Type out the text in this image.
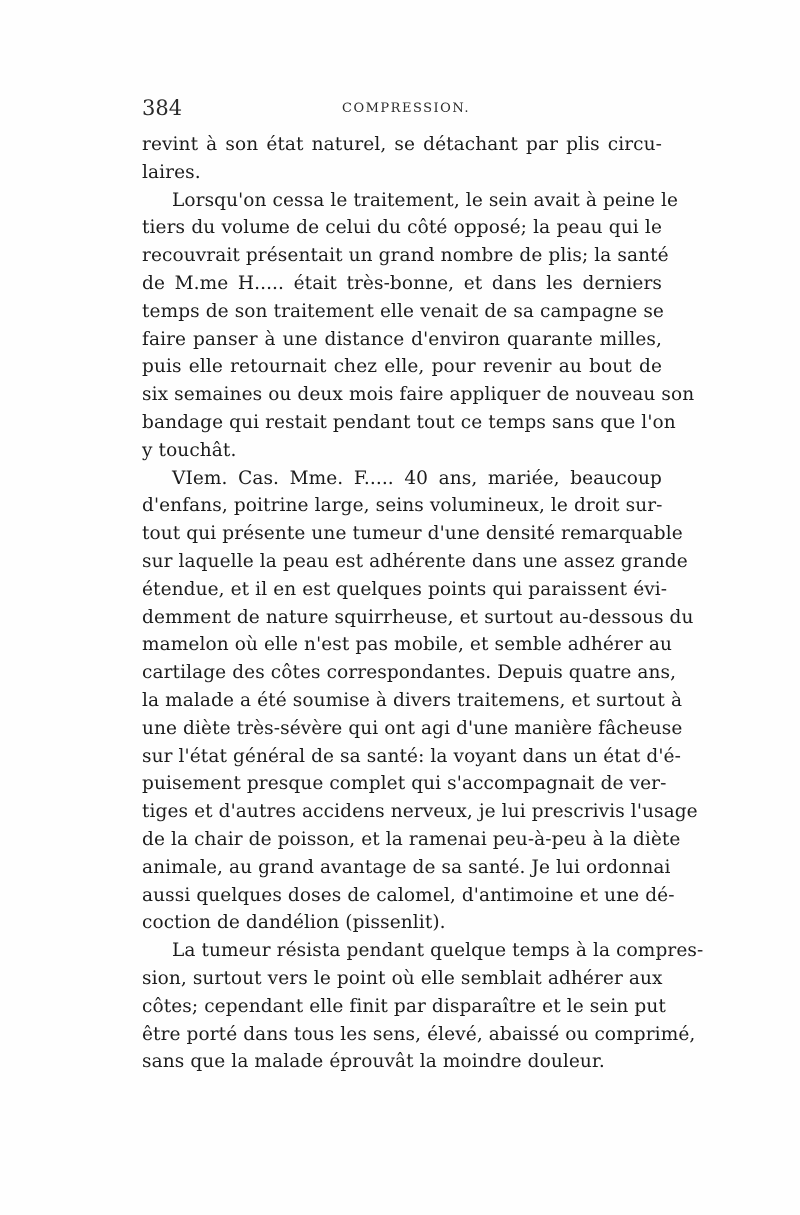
384	COMPRESSION.
revint à son état naturel, se détachant par plis circu-
laires.
Lorsqu'on cessa le traitement, le sein avait à peine le
tiers du volume de celui du côté opposé; la peau qui le
recouvrait présentait un grand nombre de plis; la santé
de M.me H..... était très-bonne, et dans les derniers
temps de son traitement elle venait de sa campagne se
faire panser à une distance d'environ quarante milles,
puis elle retournait chez elle, pour revenir au bout de
six semaines ou deux mois faire appliquer de nouveau son
bandage qui restait pendant tout ce temps sans que l'on
y touchât.
VIem. Cas. Mme. F..... 40 ans, mariée, beaucoup
d'enfans, poitrine large, seins volumineux, le droit sur-
tout qui présente une tumeur d'une densité remarquable
sur laquelle la peau est adhérente dans une assez grande
étendue, et il en est quelques points qui paraissent évi-
demment de nature squirrheuse, et surtout au-dessous du
mamelon où elle n'est pas mobile, et semble adhérer au
cartilage des côtes correspondantes. Depuis quatre ans,
la malade a été soumise à divers traitemens, et surtout à
une diète très-sévère qui ont agi d'une manière fâcheuse
sur l'état général de sa santé: la voyant dans un état d'é-
puisement presque complet qui s'accompagnait de ver-
tiges et d'autres accidens nerveux, je lui prescrivis l'usage
de la chair de poisson, et la ramenai peu-à-peu à la diète
animale, au grand avantage de sa santé. Je lui ordonnai
aussi quelques doses de calomel, d'antimoine et une dé-
coction de dandélion (pissenlit).
La tumeur résista pendant quelque temps à la compres-
sion, surtout vers le point où elle semblait adhérer aux
côtes; cependant elle finit par disparaître et le sein put
être porté dans tous les sens, élevé, abaissé ou comprimé,
sans que la malade éprouvât la moindre douleur.
